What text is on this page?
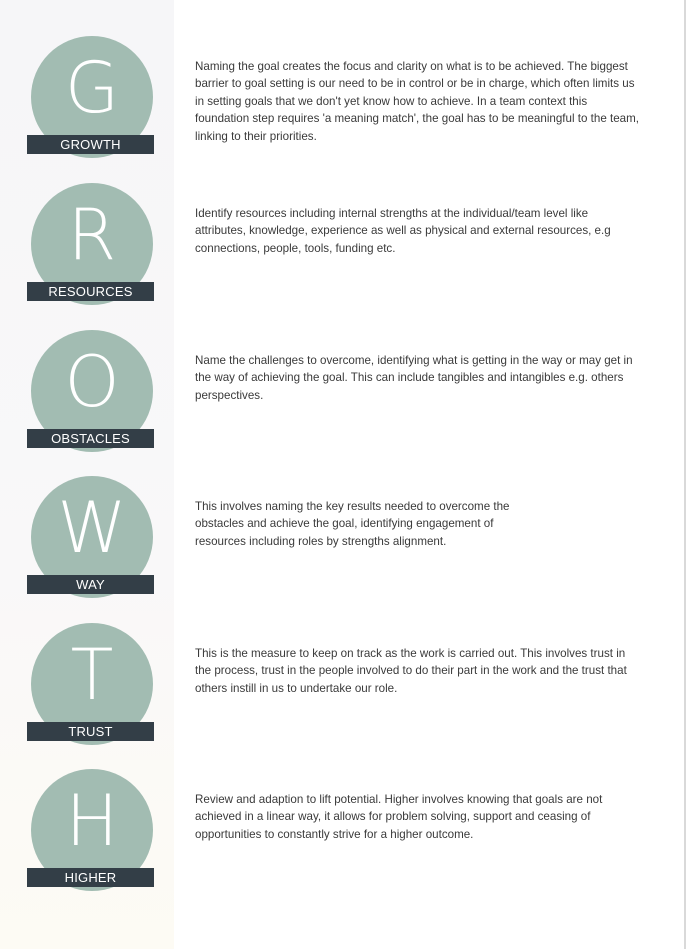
G
GROWTH

Naming the goal creates the focus and clarity on what is to be achieved. The biggest barrier to goal setting is our need to be in control or be in charge, which often limits us in setting goals that we don't yet know how to achieve. In a team context this foundation step requires 'a meaning match', the goal has to be meaningful to the team, linking to their priorities.

R
RESOURCES

Identify resources including internal strengths at the individual/team level like attributes, knowledge, experience as well as physical and external resources, e.g connections, people, tools, funding etc.

O
OBSTACLES

Name the challenges to overcome, identifying what is getting in the way or may get in the way of achieving the goal. This can include tangibles and intangibles e.g. others perspectives.

W
WAY

This involves naming the key results needed to overcome the obstacles and achieve the goal, identifying engagement of resources including roles by strengths alignment.

T
TRUST

This is the measure to keep on track as the work is carried out. This involves trust in the process, trust in the people involved to do their part in the work and the trust that others instill in us to undertake our role.

H
HIGHER

Review and adaption to lift potential. Higher involves knowing that goals are not achieved in a linear way, it allows for problem solving, support and ceasing of opportunities to constantly strive for a higher outcome.
